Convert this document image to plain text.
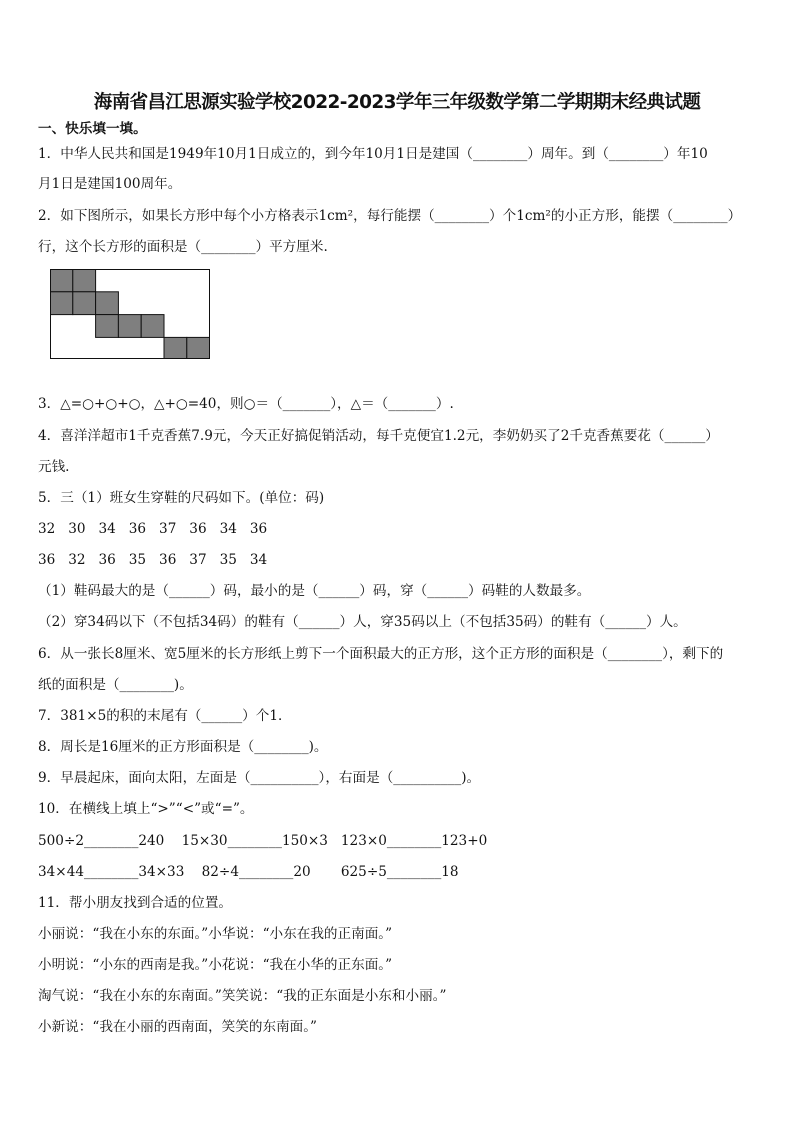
海南省昌江思源实验学校2022-2023学年三年级数学第二学期期末经典试题
一、快乐填一填。
1．中华人民共和国是1949年10月1日成立的，到今年10月1日是建国（________）周年。到（________）年10
月1日是建国100周年。
2．如下图所示，如果长方形中每个小方格表示1cm²，每行能摆（________）个1cm²的小正方形，能摆（________）
行，这个长方形的面积是（________）平方厘米.
3．△=○+○+○，△+○=40，则○＝（_______），△＝（_______）.
4．喜洋洋超市1千克香蕉7.9元，今天正好搞促销活动，每千克便宜1.2元，李奶奶买了2千克香蕉要花（______）
元钱.
5．三（1）班女生穿鞋的尺码如下。(单位：码)
32   30   34   36   37   36   34   36
36   32   36   35   36   37   35   34
（1）鞋码最大的是（______）码，最小的是（______）码，穿（______）码鞋的人数最多。
（2）穿34码以下（不包括34码）的鞋有（______）人，穿35码以上（不包括35码）的鞋有（______）人。
6．从一张长8厘米、宽5厘米的长方形纸上剪下一个面积最大的正方形，这个正方形的面积是（________），剩下的
纸的面积是（________)。
7．381×5的积的末尾有（______）个1．
8．周长是16厘米的正方形面积是（________)。
9．早晨起床，面向太阳，左面是（__________），右面是（__________)。
10．在横线上填上“>”“<”或“=”。
500÷2________240    15×30________150×3   123×0________123+0
34×44________34×33    82÷4________20       625÷5________18
11．帮小朋友找到合适的位置。
小丽说：“我在小东的东面。”小华说：“小东在我的正南面。”
小明说：“小东的西南是我。”小花说：“我在小华的正东面。”
淘气说：“我在小东的东南面。”笑笑说：“我的正东面是小东和小丽。”
小新说：“我在小丽的西南面，笑笑的东南面。”
